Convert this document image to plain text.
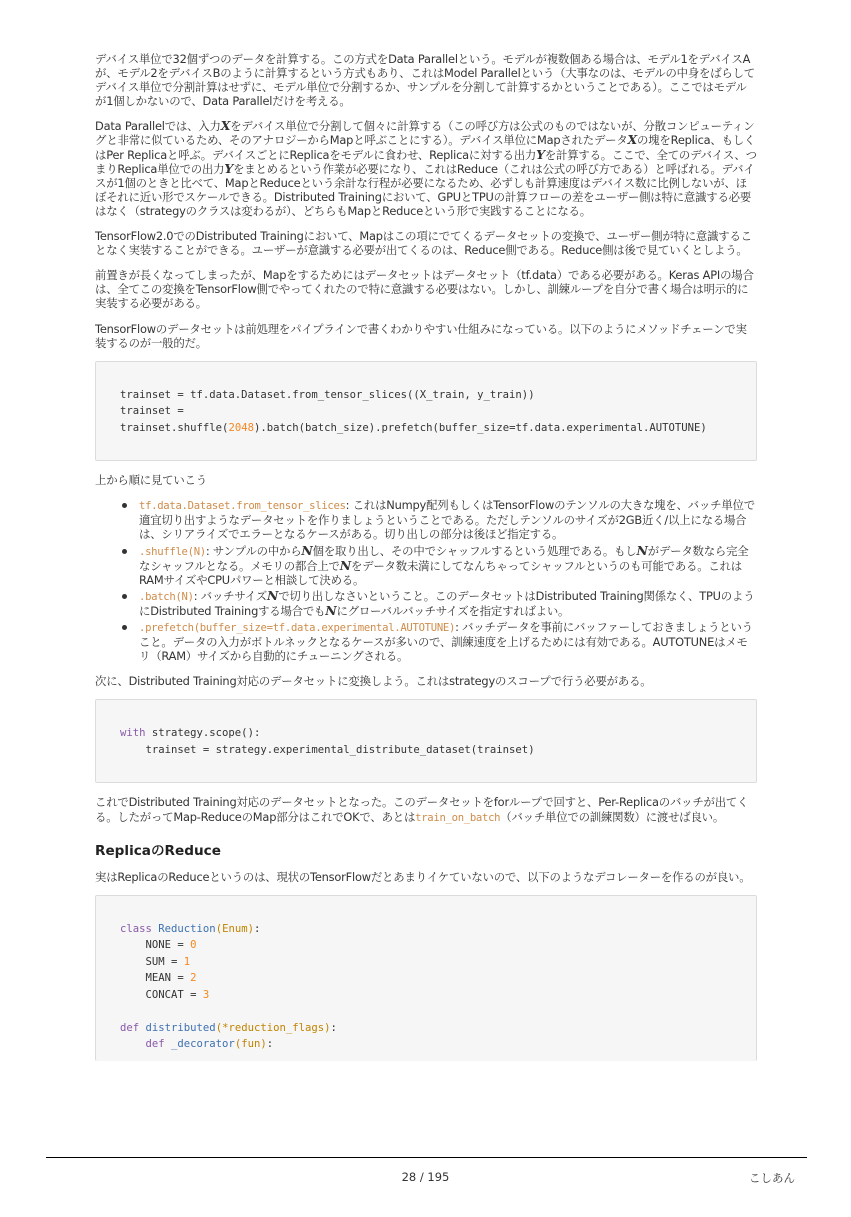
デバイス単位で32個ずつのデータを計算する。この方式をData Parallelという。モデルが複数個ある場合は、モデル1をデバイスAが、モデル2をデバイスBのように計算するという方式もあり、これはModel Parallelという（大事なのは、モデルの中身をばらしてデバイス単位で分割計算はせずに、モデル単位で分割するか、サンプルを分割して計算するかということである）。ここではモデルが1個しかないので、Data Parallelだけを考える。

Data Parallelでは、入力Xをデバイス単位で分割して個々に計算する（この呼び方は公式のものではないが、分散コンピューティングと非常に似ているため、そのアナロジーからMapと呼ぶことにする）。デバイス単位にMapされたデータXの塊をReplica、もしくはPer Replicaと呼ぶ。デバイスごとにReplicaをモデルに食わせ、Replicaに対する出力Yを計算する。ここで、全てのデバイス、つまりReplica単位での出力Yをまとめるという作業が必要になり、これはReduce（これは公式の呼び方である）と呼ばれる。デバイスが1個のときと比べて、MapとReduceという余計な行程が必要になるため、必ずしも計算速度はデバイス数に比例しないが、ほぼそれに近い形でスケールできる。Distributed Trainingにおいて、GPUとTPUの計算フローの差をユーザー側は特に意識する必要はなく（strategyのクラスは変わるが）、どちらもMapとReduceという形で実践することになる。

TensorFlow2.0でのDistributed Trainingにおいて、Mapはこの項にでてくるデータセットの変換で、ユーザー側が特に意識することなく実装することができる。ユーザーが意識する必要が出てくるのは、Reduce側である。Reduce側は後で見ていくとしよう。

前置きが長くなってしまったが、Mapをするためにはデータセットはデータセット（tf.data）である必要がある。Keras APIの場合は、全てこの変換をTensorFlow側でやってくれたので特に意識する必要はない。しかし、訓練ループを自分で書く場合は明示的に実装する必要がある。

TensorFlowのデータセットは前処理をパイプラインで書くわかりやすい仕組みになっている。以下のようにメソッドチェーンで実装するのが一般的だ。

trainset = tf.data.Dataset.from_tensor_slices((X_train, y_train))
trainset =
trainset.shuffle(2048).batch(batch_size).prefetch(buffer_size=tf.data.experimental.AUTOTUNE)

上から順に見ていこう

tf.data.Dataset.from_tensor_slices: これはNumpy配列もしくはTensorFlowのテンソルの大きな塊を、バッチ単位で適宜切り出すようなデータセットを作りましょうということである。ただしテンソルのサイズが2GB近く/以上になる場合は、シリアライズでエラーとなるケースがある。切り出しの部分は後ほど指定する。
.shuffle(N): サンプルの中からN個を取り出し、その中でシャッフルするという処理である。もしNがデータ数なら完全なシャッフルとなる。メモリの都合上でNをデータ数未満にしてなんちゃってシャッフルというのも可能である。これはRAMサイズやCPUパワーと相談して決める。
.batch(N): バッチサイズNで切り出しなさいということ。このデータセットはDistributed Training関係なく、TPUのようにDistributed Trainingする場合でもNにグローバルバッチサイズを指定すればよい。
.prefetch(buffer_size=tf.data.experimental.AUTOTUNE): バッチデータを事前にバッファーしておきましょうということ。データの入力がボトルネックとなるケースが多いので、訓練速度を上げるためには有効である。AUTOTUNEはメモリ（RAM）サイズから自動的にチューニングされる。

次に、Distributed Training対応のデータセットに変換しよう。これはstrategyのスコープで行う必要がある。

with strategy.scope():
trainset = strategy.experimental_distribute_dataset(trainset)

これでDistributed Training対応のデータセットとなった。このデータセットをforループで回すと、Per-Replicaのバッチが出てくる。したがってMap-ReduceのMap部分はこれでOKで、あとはtrain_on_batch（バッチ単位での訓練関数）に渡せば良い。

ReplicaのReduce

実はReplicaのReduceというのは、現状のTensorFlowだとあまりイケていないので、以下のようなデコレーターを作るのが良い。

class Reduction(Enum):
NONE = 0
SUM = 1
MEAN = 2
CONCAT = 3

def distributed(*reduction_flags):
def _decorator(fun):
28 / 195	こしあん
